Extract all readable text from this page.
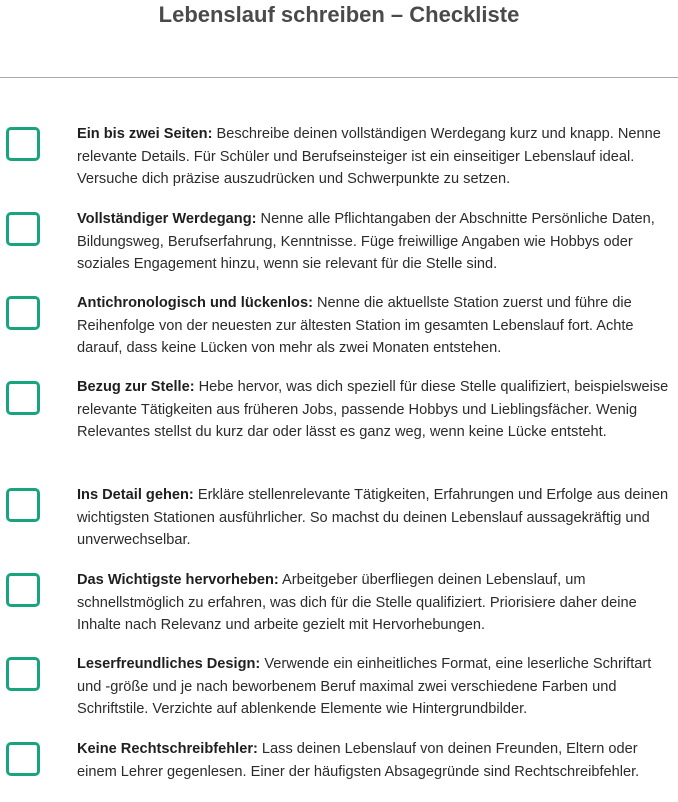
Lebenslauf schreiben – Checkliste

Ein bis zwei Seiten: Beschreibe deinen vollständigen Werdegang kurz und knapp. Nenne relevante Details. Für Schüler und Berufseinsteiger ist ein einseitiger Lebenslauf ideal. Versuche dich präzise auszudrücken und Schwerpunkte zu setzen.

Vollständiger Werdegang: Nenne alle Pflichtangaben der Abschnitte Persönliche Daten, Bildungsweg, Berufserfahrung, Kenntnisse. Füge freiwillige Angaben wie Hobbys oder soziales Engagement hinzu, wenn sie relevant für die Stelle sind.

Antichronologisch und lückenlos: Nenne die aktuellste Station zuerst und führe die Reihenfolge von der neuesten zur ältesten Station im gesamten Lebenslauf fort. Achte darauf, dass keine Lücken von mehr als zwei Monaten entstehen.

Bezug zur Stelle: Hebe hervor, was dich speziell für diese Stelle qualifiziert, beispielsweise relevante Tätigkeiten aus früheren Jobs, passende Hobbys und Lieblingsfächer. Wenig Relevantes stellst du kurz dar oder lässt es ganz weg, wenn keine Lücke entsteht.

Ins Detail gehen: Erkläre stellenrelevante Tätigkeiten, Erfahrungen und Erfolge aus deinen wichtigsten Stationen ausführlicher. So machst du deinen Lebenslauf aussagekräftig und unverwechselbar.

Das Wichtigste hervorheben: Arbeitgeber überfliegen deinen Lebenslauf, um schnellstmöglich zu erfahren, was dich für die Stelle qualifiziert. Priorisiere daher deine Inhalte nach Relevanz und arbeite gezielt mit Hervorhebungen.

Leserfreundliches Design: Verwende ein einheitliches Format, eine leserliche Schriftart und -größe und je nach beworbenem Beruf maximal zwei verschiedene Farben und Schriftstile. Verzichte auf ablenkende Elemente wie Hintergrundbilder.

Keine Rechtschreibfehler: Lass deinen Lebenslauf von deinen Freunden, Eltern oder einem Lehrer gegenlesen. Einer der häufigsten Absagegründe sind Rechtschreibfehler.
